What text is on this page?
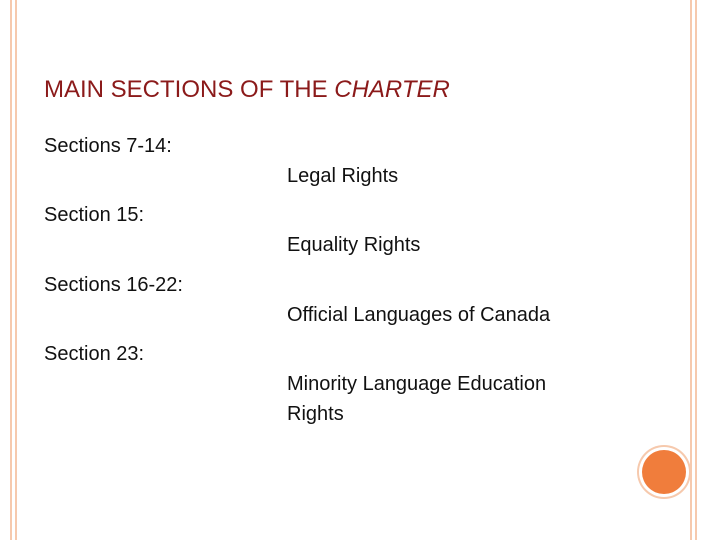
MAIN SECTIONS OF THE CHARTER

Sections 7-14:

Legal Rights

Section 15:

Equality Rights

Sections 16-22:

Official Languages of Canada

Section 23:

Minority Language Education Rights
